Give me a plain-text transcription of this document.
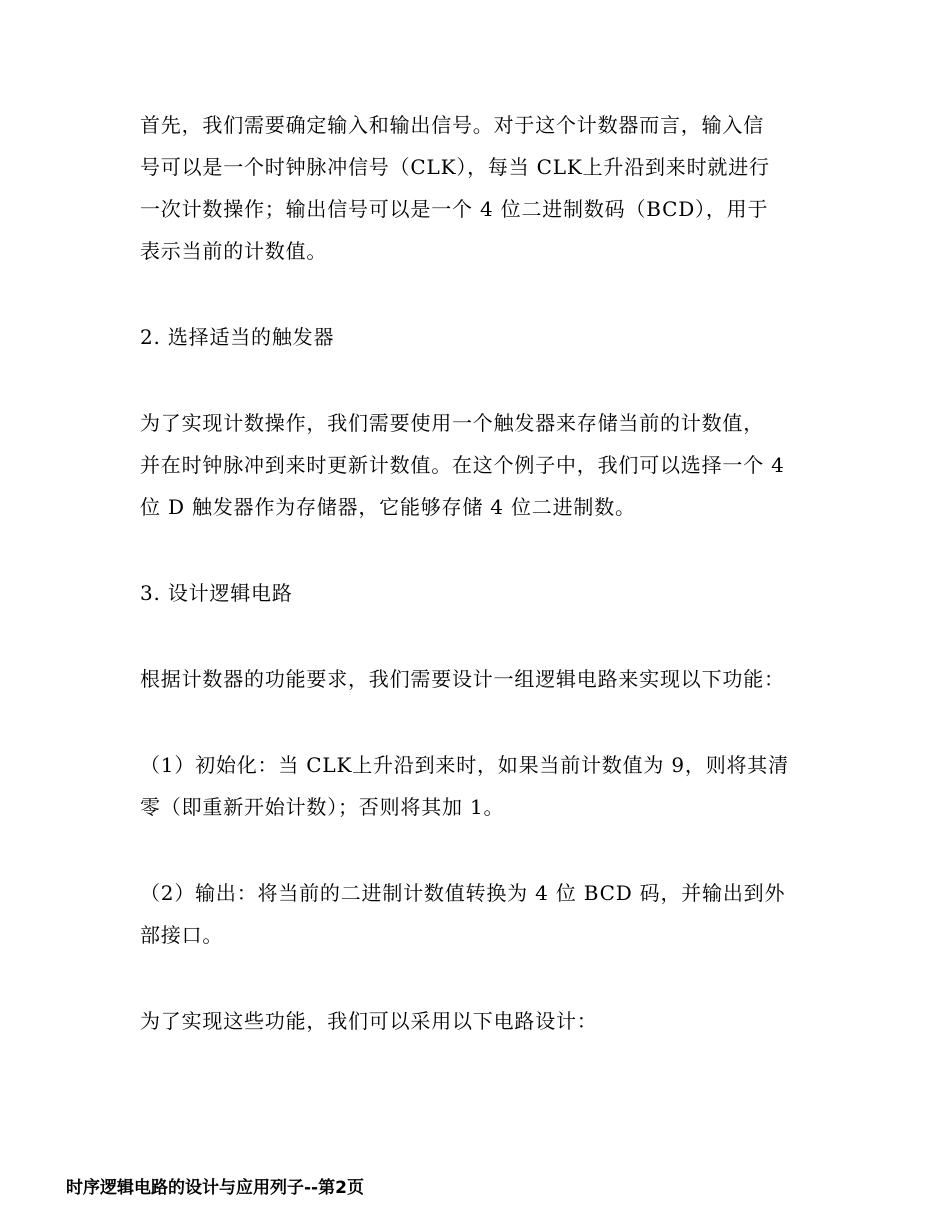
首先，我们需要确定输入和输出信号。对于这个计数器而言，输入信
号可以是一个时钟脉冲信号（CLK），每当 CLK上升沿到来时就进行
一次计数操作；输出信号可以是一个 4 位二进制数码（BCD），用于
表示当前的计数值。

2. 选择适当的触发器

为了实现计数操作，我们需要使用一个触发器来存储当前的计数值，
并在时钟脉冲到来时更新计数值。在这个例子中，我们可以选择一个 4
位 D 触发器作为存储器，它能够存储 4 位二进制数。

3. 设计逻辑电路

根据计数器的功能要求，我们需要设计一组逻辑电路来实现以下功能：

（1）初始化：当 CLK上升沿到来时，如果当前计数值为 9，则将其清
零（即重新开始计数）；否则将其加 1。

（2）输出：将当前的二进制计数值转换为 4 位 BCD 码，并输出到外
部接口。

为了实现这些功能，我们可以采用以下电路设计：

时序逻辑电路的设计与应用列子--第2页
